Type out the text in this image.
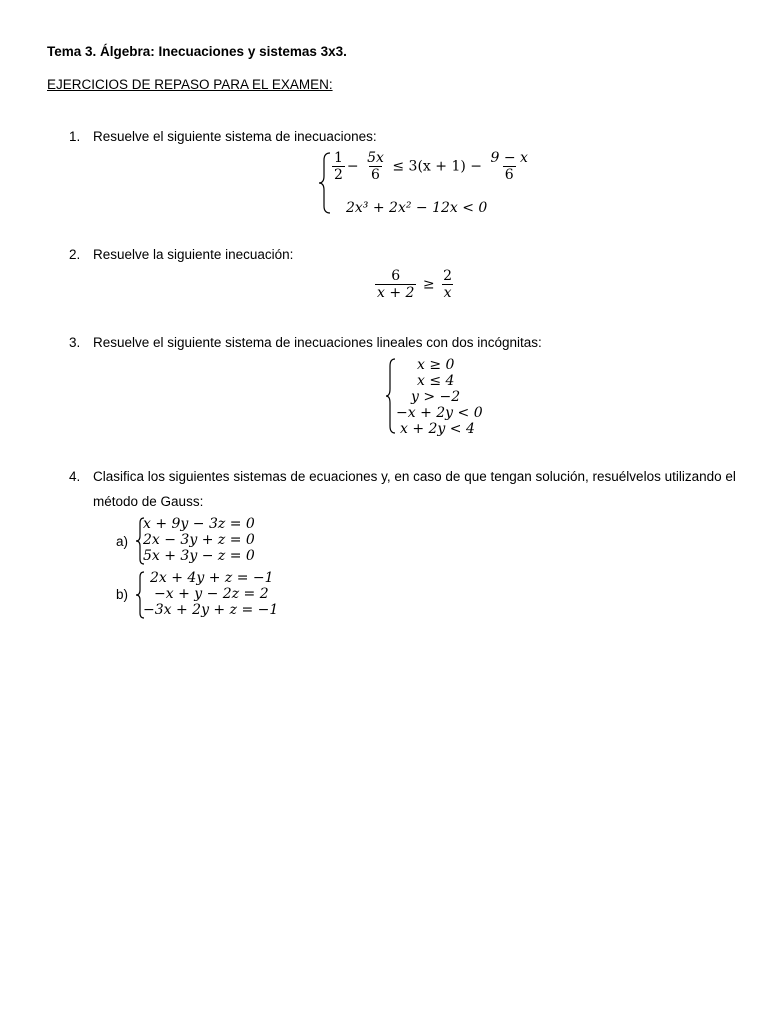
Tema 3. Álgebra: Inecuaciones y sistemas 3x3.
EJERCICIOS DE REPASO PARA EL EXAMEN:
1. Resuelve el siguiente sistema de inecuaciones:
$\frac{1}{2} - \frac{5x}{6} \le 3(x + 1) - \frac{9 - x}{6}$
2x³ + 2x² − 12x < 0
2. Resuelve la siguiente inecuación:
$\frac{6}{x + 2} \ge \frac{2}{x}$
3. Resuelve el siguiente sistema de inecuaciones lineales con dos incógnitas:
x ≥ 0
x ≤ 4
y > −2
−x + 2y < 0
x + 2y < 4
4. Clasifica los siguientes sistemas de ecuaciones y, en caso de que tengan solución, resuélvelos utilizando el
método de Gauss:
a)
x + 9y − 3z = 0
2x − 3y + z = 0
5x + 3y − z = 0
b)
2x + 4y + z = −1
−x + y − 2z = 2
−3x + 2y + z = −1
